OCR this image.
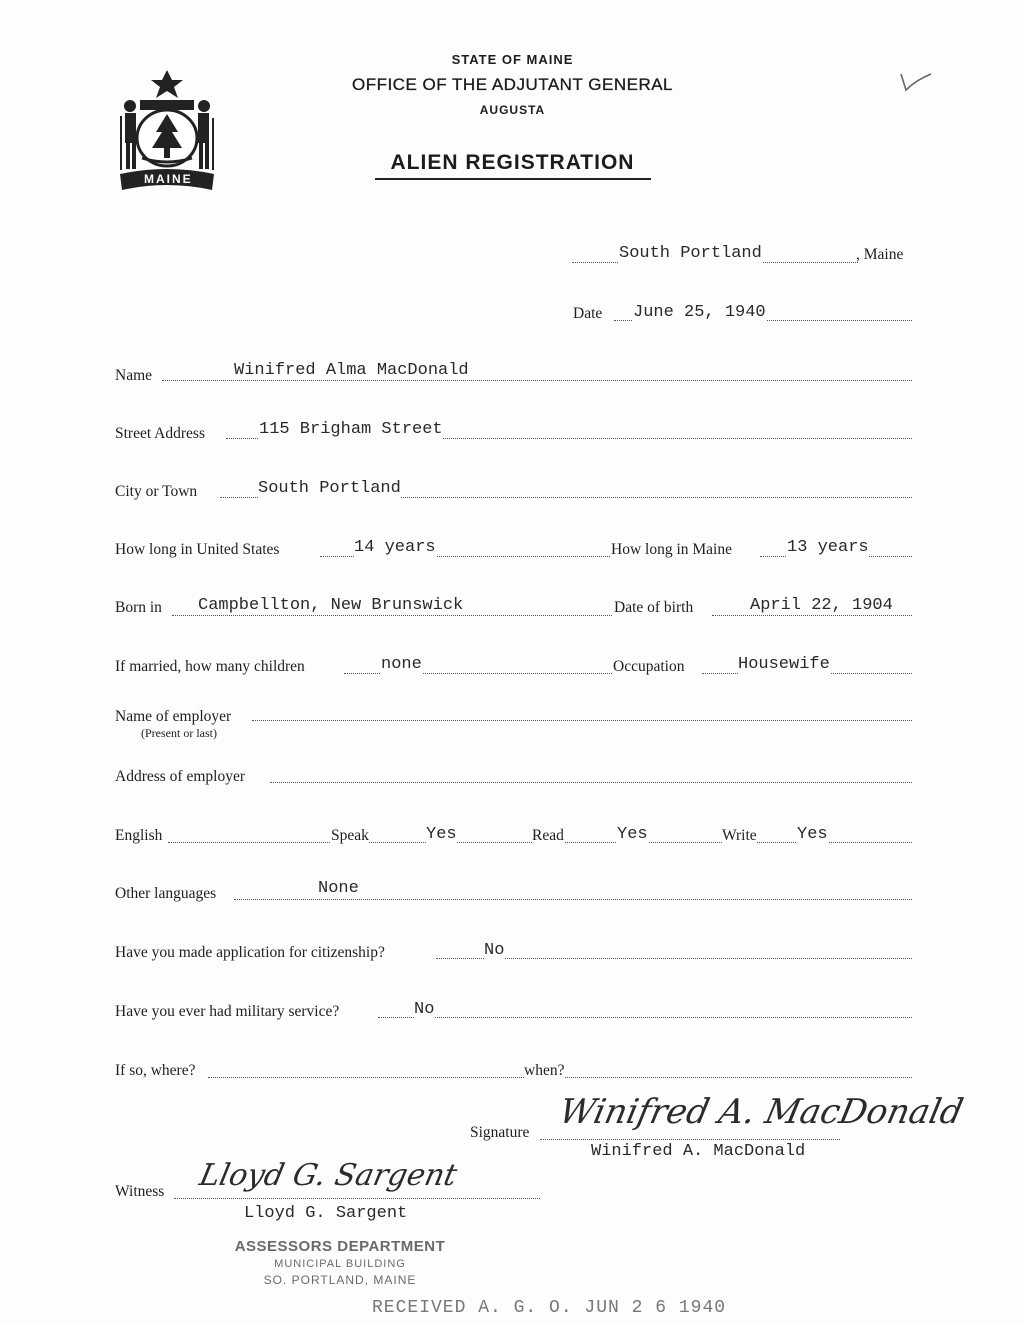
MAINE
STATE OF MAINE
OFFICE OF THE ADJUTANT GENERAL
AUGUSTA
ALIEN REGISTRATION
South Portland	, Maine
Date June 25, 1940
Name	Winifred Alma MacDonald
Street Address	115 Brigham Street
City or Town	South Portland
How long in United States	14 years	How long in Maine	13 years
Born in Campbellton, New Brunswick	Date of birth	April 22, 1904
If married, how many children	none	Occupation	Housewife
Name of employer
(Present or last)
Address of employer
English	Speak	Yes	Read	Yes	Write Yes
Other languages	None
Have you made application for citizenship?	No
Have you ever had military service?	No
If so, where?	when?
Signature
Winifred A. MacDonald
Winifred A. MacDonald
Witness Lloyd G. Sargent
Lloyd G. Sargent
ASSESSORS DEPARTMENT
MUNICIPAL BUILDING
SO. PORTLAND, MAINE
RECEIVED A. G. O. JUN 2 6 1940
